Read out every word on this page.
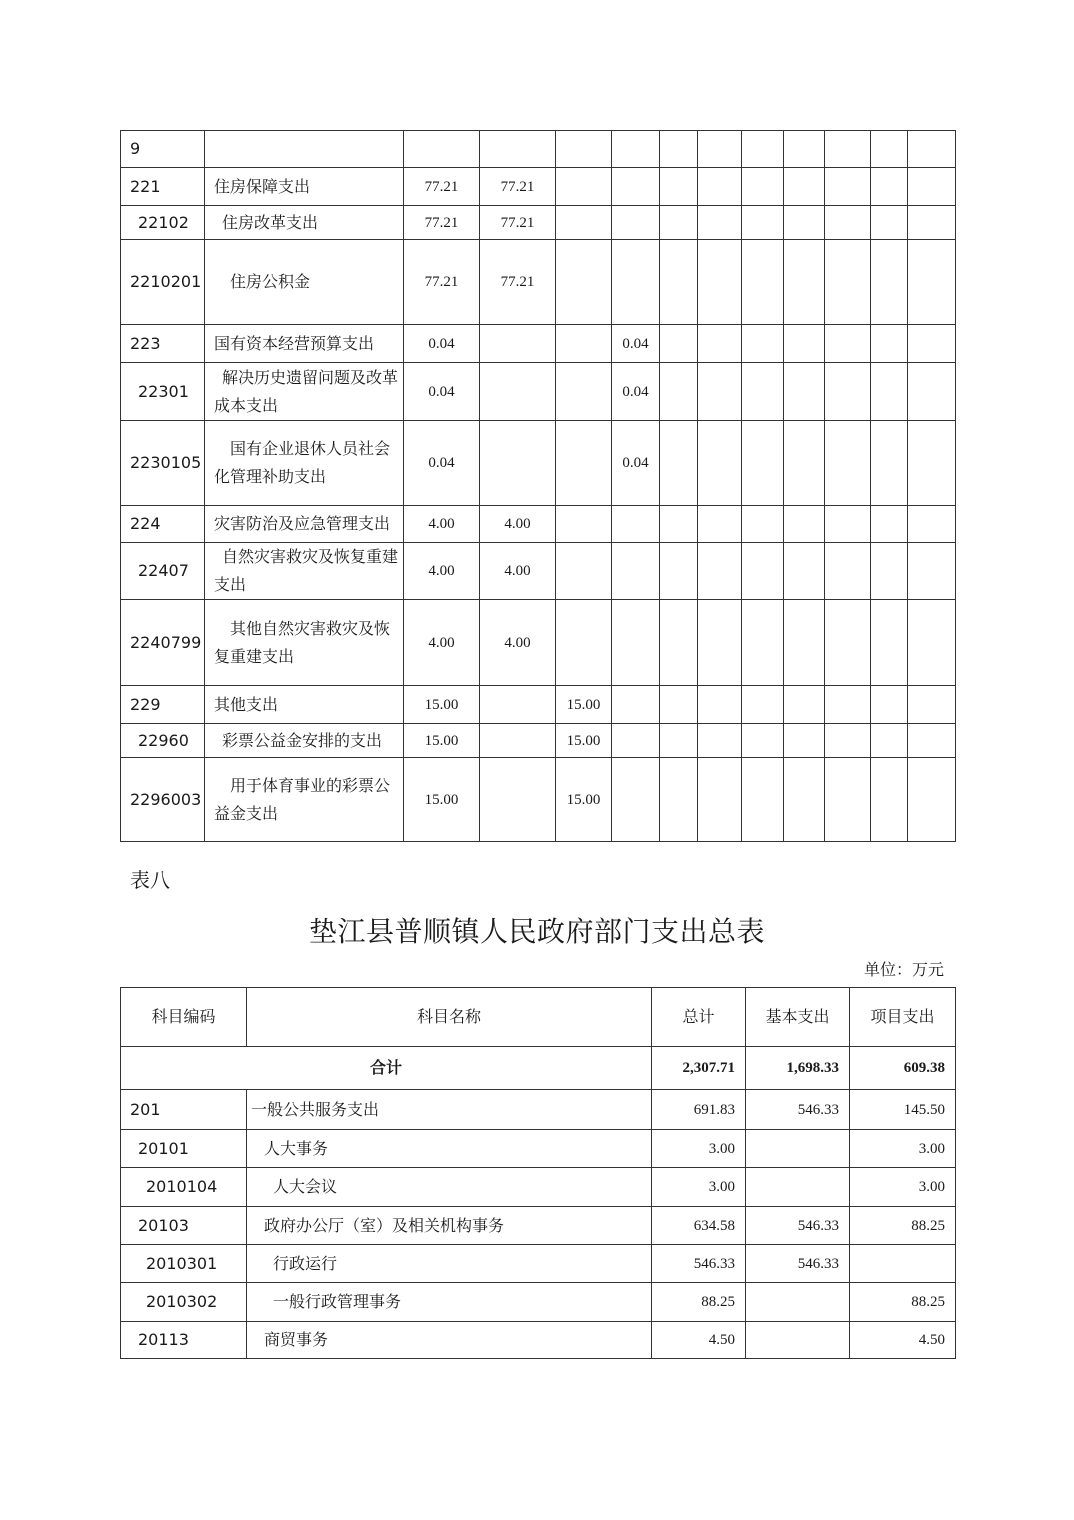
9												
221	住房保障支出	77.21	77.21									
22102	住房改革支出	77.21	77.21									
2210201	住房公积金	77.21	77.21									
223	国有资本经营预算支出	0.04			0.04							
22301	解决历史遗留问题及改革成本支出	0.04			0.04							
2230105	国有企业退休人员社会化管理补助支出	0.04			0.04							
224	灾害防治及应急管理支出	4.00	4.00									
22407	自然灾害救灾及恢复重建支出	4.00	4.00									
2240799	其他自然灾害救灾及恢复重建支出	4.00	4.00									
229	其他支出	15.00		15.00								
22960	彩票公益金安排的支出	15.00		15.00								
2296003	用于体育事业的彩票公益金支出	15.00		15.00								
表八
垫江县普顺镇人民政府部门支出总表
单位：万元
科目编码	科目名称	总计	基本支出	项目支出
合计		2,307.71	1,698.33	609.38
201	一般公共服务支出	691.83	546.33	145.50
20101	人大事务	3.00		3.00
2010104	人大会议	3.00		3.00
20103	政府办公厅（室）及相关机构事务	634.58	546.33	88.25
2010301	行政运行	546.33	546.33	
2010302	一般行政管理事务	88.25		88.25
20113	商贸事务	4.50		4.50
